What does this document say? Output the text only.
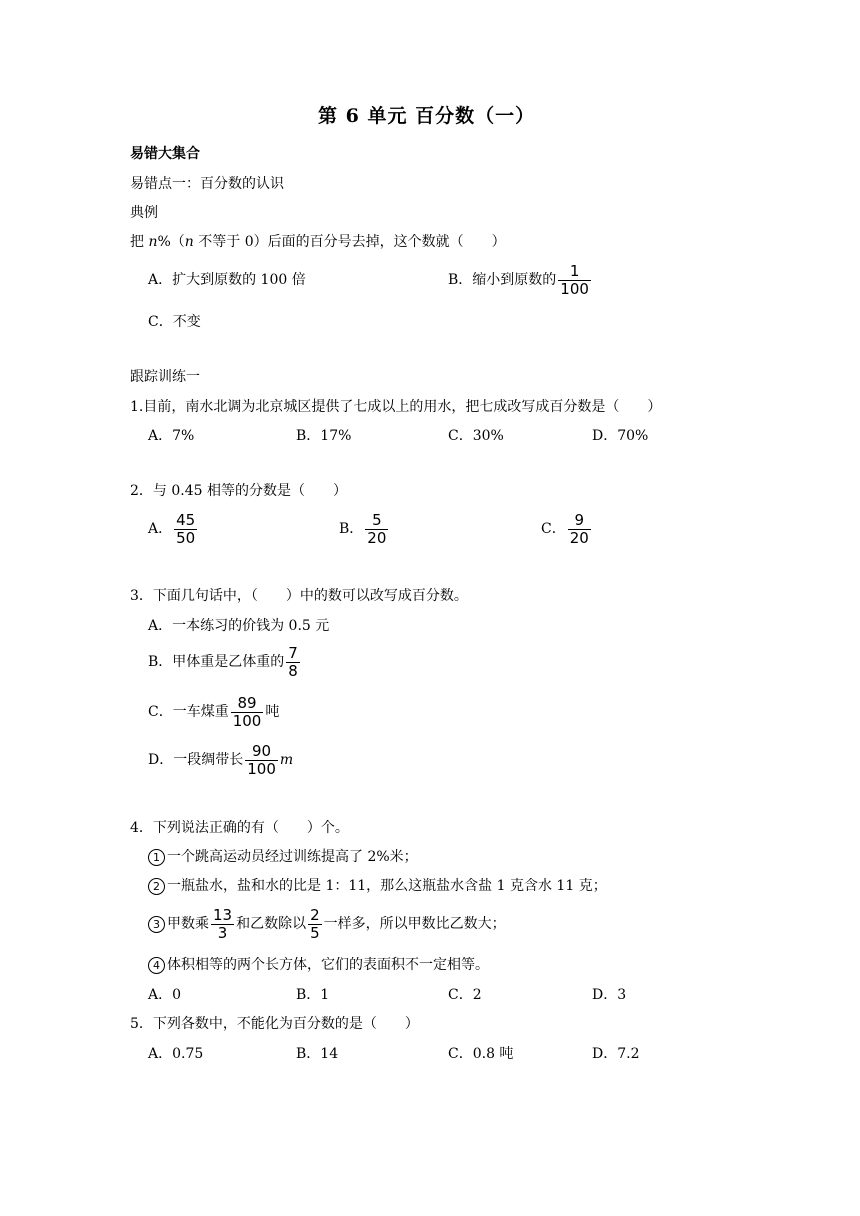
第 6 单元 百分数（一）
易错大集合
易错点一：百分数的认识
典例
把 n%（n 不等于 0）后面的百分号去掉，这个数就（　　）
A．扩大到原数的 100 倍	B．缩小到原数的 $\frac{1}{100}$
C．不变
跟踪训练一
1.目前，南水北调为北京城区提供了七成以上的用水，把七成改写成百分数是（　　）
A．7%	B．17%	C．30%	D．70%
2．与 0.45 相等的分数是（　　）
A． $\frac{45}{50}$	B． $\frac{5}{20}$	C． $\frac{9}{20}$
3．下面几句话中，（　　）中的数可以改写成百分数。
A．一本练习的价钱为 0.5 元
B．甲体重是乙体重的 $\frac{7}{8}$
C．一车煤重 $\frac{89}{100}$ 吨
D．一段绸带长 $\frac{90}{100}$ m
4．下列说法正确的有（　　）个。
1 一个跳高运动员经过训练提高了 2%米；
2 一瓶盐水，盐和水的比是 1：11，那么这瓶盐水含盐 1 克含水 11 克；
3 甲数乘 $\frac{13}{3}$ 和乙数除以 $\frac{2}{5}$ 一样多，所以甲数比乙数大；
4 体积相等的两个长方体，它们的表面积不一定相等。
A．0	B．1	C．2	D．3
5．下列各数中，不能化为百分数的是（　　）
A．0.75	B．14	C．0.8 吨	D．7.2
